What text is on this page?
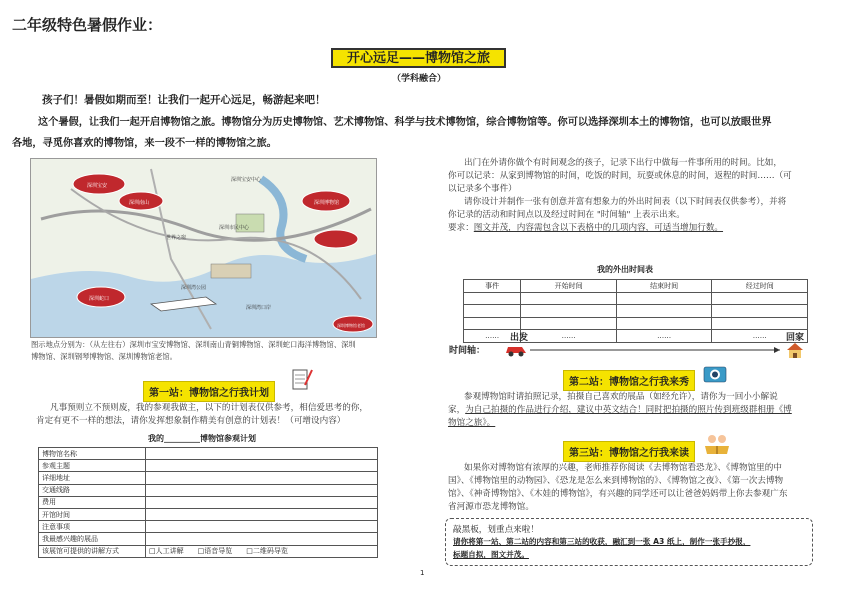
二年级特色暑假作业：
开心远足——博物馆之旅
（学科融合）
孩子们！暑假如期而至！让我们一起开心远足，畅游起来吧！
这个暑假，让我们一起开启博物馆之旅。博物馆分为历史博物馆、艺术博物馆、科学与技术博物馆，综合博物馆等。你可以选择深圳本土的博物馆，也可以放眼世界
各地，寻觅你喜欢的博物馆，来一段不一样的博物馆之旅。
深圳宝安
深圳南山
深圳蛇口
世界之窗
深圳湾公园
深圳市民中心
深圳博物馆
深圳宝安中心
深圳湾口岸
深圳博物馆老馆
图示地点分别为：（从左往右）深圳市宝安博物馆、深圳南山青铜博物馆、深圳蛇口海洋博物馆、深圳
博物馆、深圳钢琴博物馆、深圳博物馆老馆。
第一站：博物馆之行我计划
凡事预则立不预则废，我的参观我做主，以下的计划表仅供参考，相信爱思考的你，
肯定有更不一样的想法，请你发挥想象制作精美有创意的计划表！（可增设内容）
我的_________博物馆参观计划
博物馆名称	
参观主题	
详细地址	
交通线路	
费用	
开馆时间	
注意事项	
我最感兴趣的展品	
该展馆可提供的讲解方式	□人工讲解　　□语音导览　　□二维码导览
出门在外请你做个有时间观念的孩子，记录下出行中做每一件事所用的时间。比如，
你可以记录：从家到博物馆的时间，吃饭的时间，玩耍或休息的时间，返程的时间……（可
以记录多个事件）
请你设计并制作一张有创意并富有想象力的外出时间表（以下时间表仅供参考），并将
你记录的活动和时间点以及经过时间在 "时间轴" 上表示出来。
要求：图文并茂，内容需包含以下表格中的几项内容，可适当增加行数。
我的外出时间表
事件	开始时间	结束时间	经过时间

……	……	……	……
时间轴：
出发	回家
第二站：博物馆之行我来秀
参观博物馆时请拍照记录，拍摄自己喜欢的展品（如经允许），请你为一回小小解说
家，为自己拍摄的作品进行介绍，建议中英文结合！同时把拍摄的照片传到班级群相册《博
物馆之旅》。
第三站：博物馆之行我来读
如果你对博物馆有浓厚的兴趣，老师推荐你阅读《去博物馆看恐龙》、《博物馆里的中
国》、《博物馆里的动物园》、《恐龙是怎么来到博物馆的》、《博物馆之夜》、《第一次去博物
馆》、《神奇博物馆》、《木娃的博物馆》，有兴趣的同学还可以让爸爸妈妈带上你去参观广东
省河源市恐龙博物馆。
敲黑板，划重点来啦！
请你将第一站、第二站的内容和第三站的收获，融汇到一张 A3 纸上，制作一张手抄报，
标题自拟，图文并茂。
1
